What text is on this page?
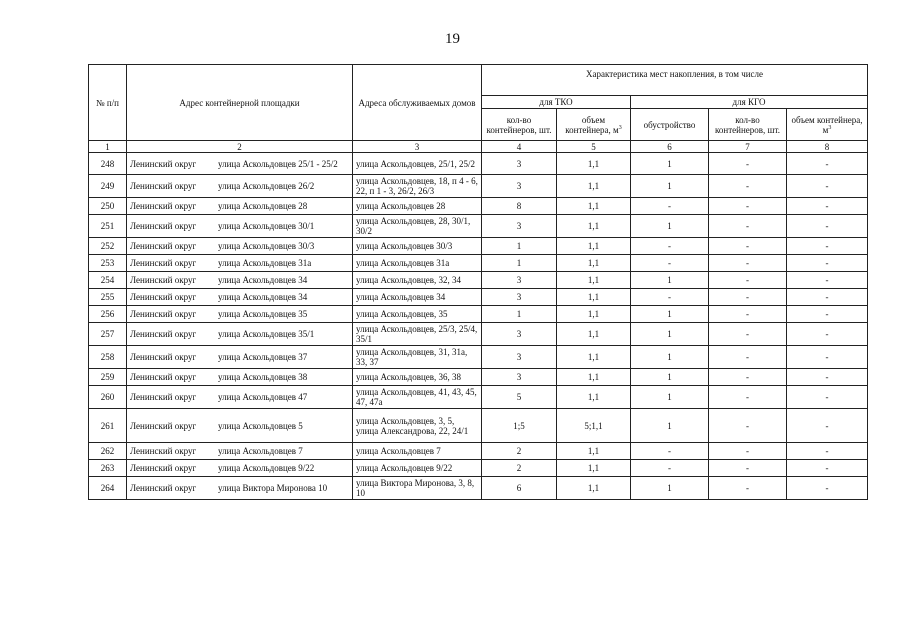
19
№ п/п	Адрес контейнерной площадки	Адреса обслуживаемых домов	Характеристика мест накопления, в том числе				
			для ТКО		для КГО		
			кол-во контейнеров, шт.	объем контейнера, $м^3$	обустройство	кол-во контейнеров, шт.	объем контейнера, $м^3$
1	2	3	4	5	6	7	8
248	Ленинский округ улица Аскольдовцев 25/1 - 25/2	улица Аскольдовцев, 25/1, 25/2	3	1,1	1	-	-
249	Ленинский округ улица Аскольдовцев 26/2	улица Аскольдовцев, 18, п 4 - 6, 22, п 1 - 3, 26/2, 26/3	3	1,1	1	-	-
250	Ленинский округ улица Аскольдовцев 28	улица Аскольдовцев 28	8	1,1	-	-	-
251	Ленинский округ улица Аскольдовцев 30/1	улица Аскольдовцев, 28, 30/1, 30/2	3	1,1	1	-	-
252	Ленинский округ улица Аскольдовцев 30/3	улица Аскольдовцев 30/3	1	1,1	-	-	-
253	Ленинский округ улица Аскольдовцев 31а	улица Аскольдовцев 31а	1	1,1	-	-	-
254	Ленинский округ улица Аскольдовцев 34	улица Аскольдовцев, 32, 34	3	1,1	1	-	-
255	Ленинский округ улица Аскольдовцев 34	улица Аскольдовцев 34	3	1,1	-	-	-
256	Ленинский округ улица Аскольдовцев 35	улица Аскольдовцев, 35	1	1,1	1	-	-
257	Ленинский округ улица Аскольдовцев 35/1	улица Аскольдовцев, 25/3, 25/4, 35/1	3	1,1	1	-	-
258	Ленинский округ улица Аскольдовцев 37	улица Аскольдовцев, 31, 31а, 33, 37	3	1,1	1	-	-
259	Ленинский округ улица Аскольдовцев 38	улица Аскольдовцев, 36, 38	3	1,1	1	-	-
260	Ленинский округ улица Аскольдовцев 47	улица Аскольдовцев, 41, 43, 45, 47, 47а	5	1,1	1	-	-
261	Ленинский округ улица Аскольдовцев 5	улица Аскольдовцев, 3, 5, улица Александрова, 22, 24/1	1;5	5;1,1	1	-	-
262	Ленинский округ улица Аскольдовцев 7	улица Аскольдовцев 7	2	1,1	-	-	-
263	Ленинский округ улица Аскольдовцев 9/22	улица Аскольдовцев 9/22	2	1,1	-	-	-
264	Ленинский округ улица Виктора Миронова 10	улица Виктора Миронова, 3, 8, 10	6	1,1	1	-	-
